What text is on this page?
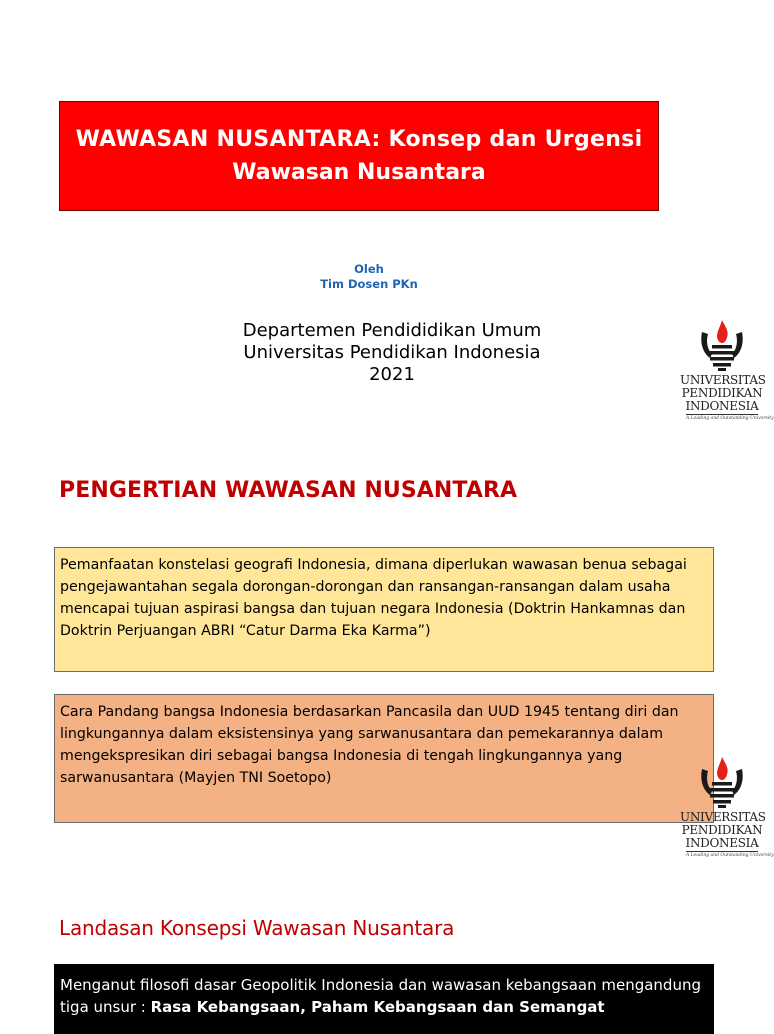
WAWASAN NUSANTARA: Konsep dan Urgensi
Wawasan Nusantara
Oleh
Tim Dosen PKn
Departemen Pendididikan Umum
Universitas Pendidikan Indonesia
2021	UNIVERSITAS
PENDIDIKAN
INDONESIA
A Leading and Outstanding University
PENGERTIAN WAWASAN NUSANTARA
Pemanfaatan konstelasi geografi Indonesia, dimana diperlukan wawasan benua sebagai pengejawantahan segala dorongan-dorongan dan ransangan-ransangan dalam usaha mencapai tujuan aspirasi bangsa dan tujuan negara Indonesia (Doktrin Hankamnas dan Doktrin Perjuangan ABRI “Catur Darma Eka Karma”)
Cara Pandang bangsa Indonesia berdasarkan Pancasila dan UUD 1945 tentang diri dan lingkungannya dalam eksistensinya yang sarwanusantara dan pemekarannya dalam mengekspresikan diri sebagai bangsa Indonesia di tengah lingkungannya yang sarwanusantara (Mayjen TNI Soetopo)
UNIVERSITAS
PENDIDIKAN
INDONESIA
A Leading and Outstanding University
Landasan Konsepsi Wawasan Nusantara
Menganut filosofi dasar Geopolitik Indonesia dan wawasan kebangsaan mengandung tiga unsur : Rasa Kebangsaan, Paham Kebangsaan dan Semangat
